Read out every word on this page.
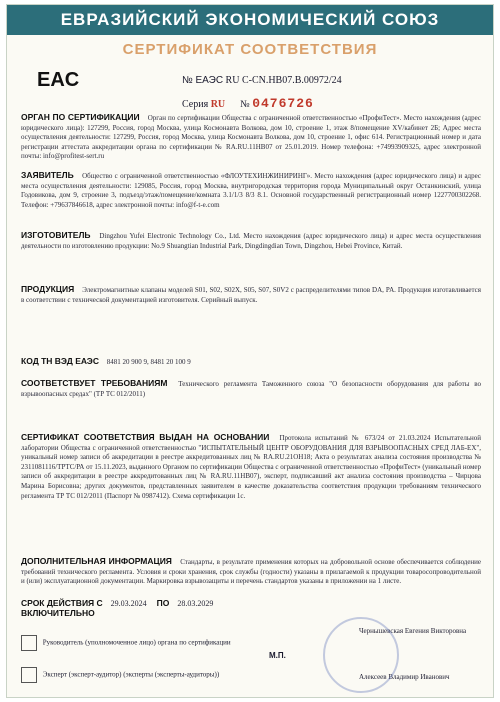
ЕВРАЗИЙСКИЙ ЭКОНОМИЧЕСКИЙ СОЮЗ
СЕРТИФИКАТ СООТВЕТСТВИЯ
EAC	№ ЕАЭС RU C-CN.НВ07.В.00972/24
Серия RU № 0476726
ОРГАН ПО СЕРТИФИКАЦИИ Орган по сертификации Общества с ограниченной ответственностью «ПрофиТест». Место нахождения (адрес юридического лица): 127299, Россия, город Москва, улица Космонавта Волкова, дом 10, строение 1, этаж 8/помещение XV/кабинет 2Б; Адрес места осуществления деятельности: 127299, Россия, город Москва, улица Космонавта Волкова, дом 10, строение 1, офис 614. Регистрационный номер и дата регистрации аттестата аккредитации органа по сертификации № RA.RU.11НВ07 от 25.01.2019. Номер телефона: +74993909325, адрес электронной почты: info@profitest-sert.ru
ЗАЯВИТЕЛЬ Общество с ограниченной ответственностью «ФЛОУТЕХИНЖИНИРИНГ». Место нахождения (адрес юридического лица) и адрес места осуществления деятельности: 129085, Россия, город Москва, внутригородская территория города Муниципальный округ Останкинский, улица Годовикова, дом 9, строение 3, подъезд/этаж/помещение/комната 3.1/1/3 8/3 8.1. Основной государственный регистрационный номер 1227700302268. Телефон: +79637846618, адрес электронной почты: info@f-t-e.com
ИЗГОТОВИТЕЛЬ Dingzhou Yufei Electronic Technology Co., Ltd. Место нахождения (адрес юридического лица) и адрес места осуществления деятельности по изготовлению продукции: No.9 Shuangtian Industrial Park, Dingdingdian Town, Dingzhou, Hebei Province, Китай.
ПРОДУКЦИЯ Электромагнитные клапаны моделей S01, S02, S02X, S05, S07, S0V2 с распределителями типов DA, PA. Продукция изготавливается в соответствии с технической документацией изготовителя. Серийный выпуск.
КОД ТН ВЭД ЕАЭС 8481 20 900 9, 8481 20 100 9
СООТВЕТСТВУЕТ ТРЕБОВАНИЯМ Технического регламента Таможенного союза "О безопасности оборудования для работы во взрывоопасных средах" (ТР ТС 012/2011)
СЕРТИФИКАТ СООТВЕТСТВИЯ ВЫДАН НА ОСНОВАНИИ Протокола испытаний № 673/24 от 21.03.2024 Испытательной лаборатории Общества с ограниченной ответственностью "ИСПЫТАТЕЛЬНЫЙ ЦЕНТР ОБОРУДОВАНИЯ ДЛЯ ВЗРЫВООПАСНЫХ СРЕД ЛАБ-ЕХ", уникальный номер записи об аккредитации в реестре аккредитованных лиц № RA.RU.21ОН18; Акта о результатах анализа состояния производства № 2311081116/ТРТС/РА от 15.11.2023, выданного Органом по сертификации Общества с ограниченной ответственностью «ПрофиТест» (уникальный номер записи об аккредитации в реестре аккредитованных лиц № RA.RU.11НВ07), эксперт, подписавший акт анализа состояния производства – Чирцова Марина Борисовна; других документов, представленных заявителем в качестве доказательства соответствия продукции требованиям технического регламента ТР ТС 012/2011 (Паспорт № 0987412). Схема сертификации 1с.
ДОПОЛНИТЕЛЬНАЯ ИНФОРМАЦИЯ Стандарты, в результате применения которых на добровольной основе обеспечивается соблюдение требований технического регламента. Условия и сроки хранения, срок службы (годности) указаны в прилагаемой к продукции товаросопроводительной и (или) эксплуатационной документации. Маркировка взрывозащиты и перечень стандартов указаны в приложении на 1 листе.
СРОК ДЕЙСТВИЯ С 29.03.2024 ПО 28.03.2029
ВКЛЮЧИТЕЛЬНО
Руководитель (уполномоченное лицо) органа по сертификации
Чернышевская Евгения Викторовна
Эксперт (эксперт-аудитор) (эксперты (эксперты-аудиторы))	Алексеев Владимир Иванович
М.П.
